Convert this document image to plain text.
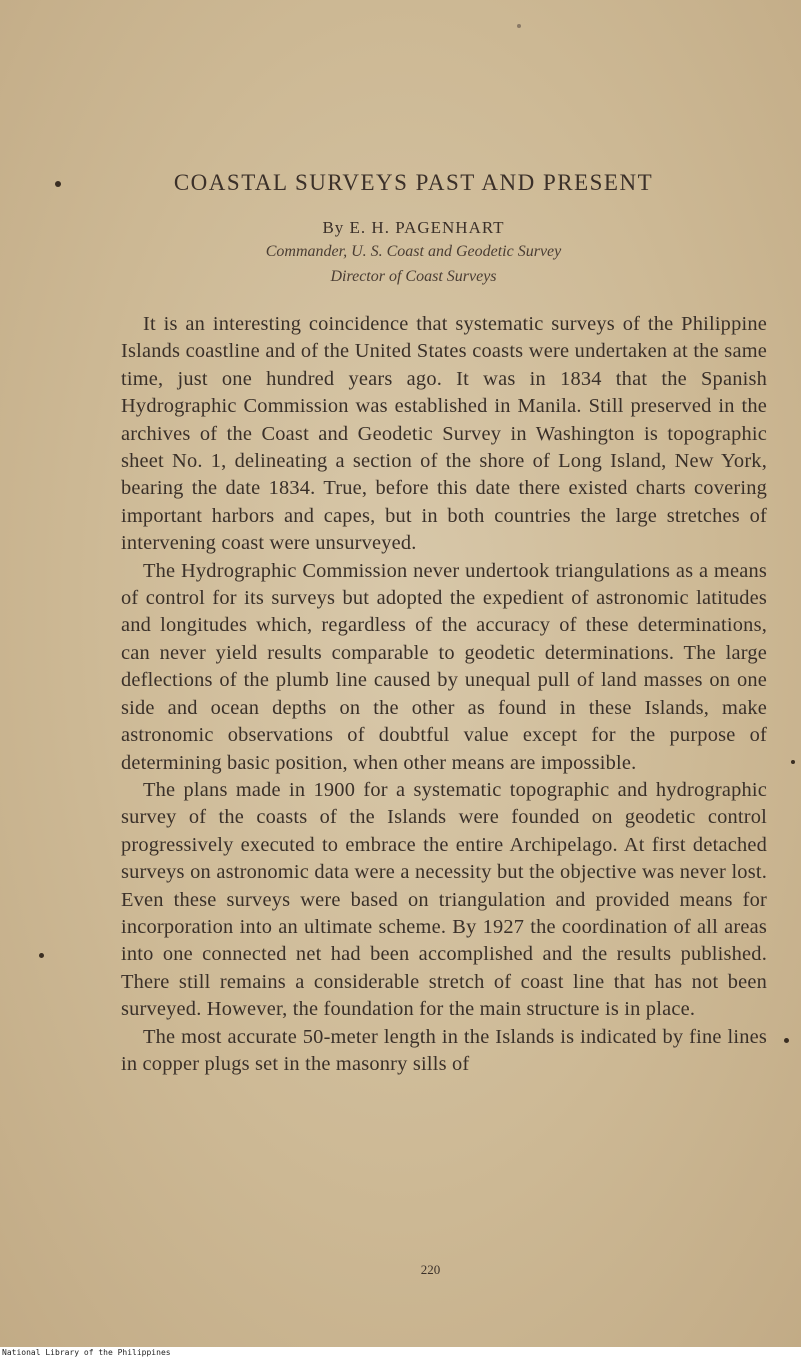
COASTAL SURVEYS PAST AND PRESENT
By E. H. PAGENHART
Commander, U. S. Coast and Geodetic Survey
Director of Coast Surveys

It is an interesting coincidence that systematic surveys of the Philippine Islands coastline and of the United States coasts were undertaken at the same time, just one hundred years ago. It was in 1834 that the Spanish Hydrographic Commission was established in Manila. Still preserved in the archives of the Coast and Geodetic Survey in Washington is topographic sheet No. 1, delineating a section of the shore of Long Island, New York, bearing the date 1834. True, before this date there existed charts covering important harbors and capes, but in both countries the large stretches of intervening coast were unsurveyed.

The Hydrographic Commission never undertook triangulations as a means of control for its surveys but adopted the expedient of astronomic latitudes and longitudes which, regardless of the accuracy of these determinations, can never yield results comparable to geodetic determinations. The large deflections of the plumb line caused by unequal pull of land masses on one side and ocean depths on the other as found in these Islands, make astronomic observations of doubtful value except for the purpose of determining basic position, when other means are impossible.

The plans made in 1900 for a systematic topographic and hydrographic survey of the coasts of the Islands were founded on geodetic control progressively executed to embrace the entire Archipelago. At first detached surveys on astronomic data were a necessity but the objective was never lost. Even these surveys were based on triangulation and provided means for incorporation into an ultimate scheme. By 1927 the coordination of all areas into one connected net had been accomplished and the results published. There still remains a considerable stretch of coast line that has not been surveyed. However, the foundation for the main structure is in place.

The most accurate 50-meter length in the Islands is indicated by fine lines in copper plugs set in the masonry sills of

220
National Library of the Philippines
